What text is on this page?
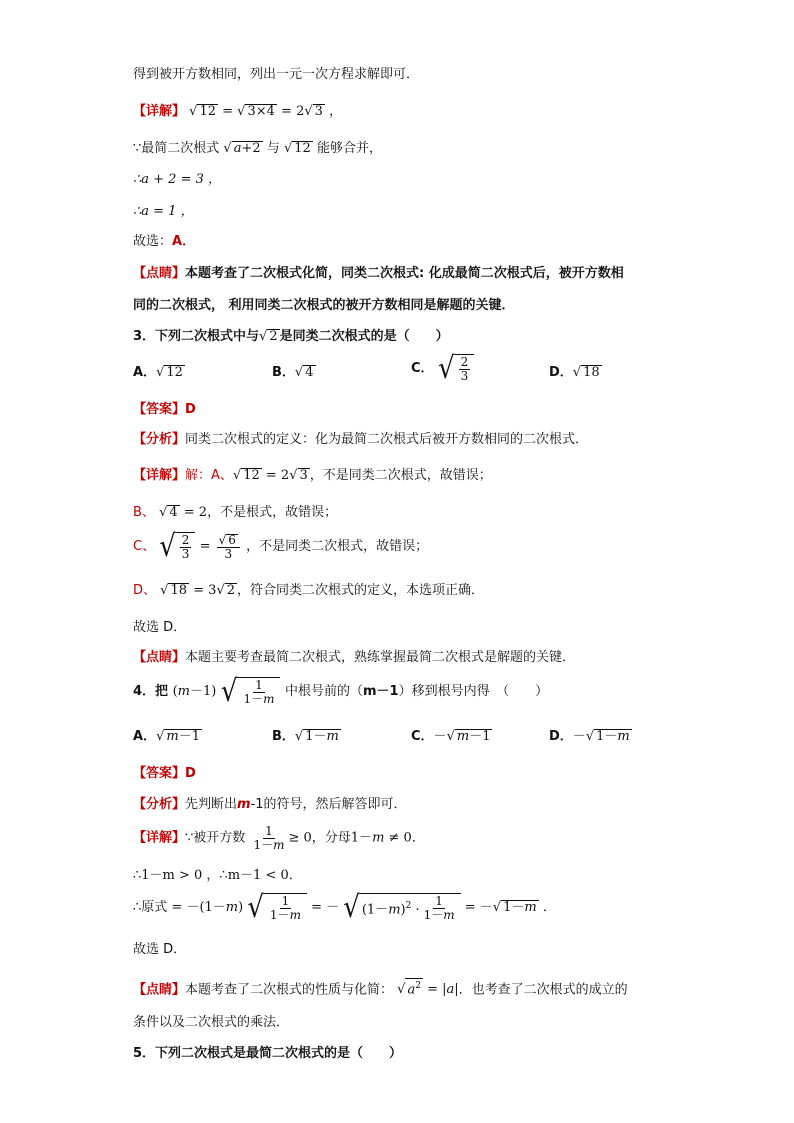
得到被开方数相同，列出一元一次方程求解即可．
【详解】 √ 12 = √ 3×4 = 2√ 3 ，
∵最简二次根式 √ a+2 与 √ 12 能够合并，
∴a + 2 = 3 ，
∴a = 1 ，
故选：A．
【点睛】本题考查了二次根式化简，同类二次根式: 化成最简二次根式后，被开方数相
同的二次根式， 利用同类二次根式的被开方数相同是解题的关键．
3．下列二次根式中与√ 2 是同类二次根式的是（　　）
A．√ 12	B．√ 4	C． √ $\frac{2}{3}$	D．√ 18
【答案】D
【分析】同类二次根式的定义：化为最简二次根式后被开方数相同的二次根式．
【详解】解：A、√ 12 = 2√ 3 ，不是同类二次根式，故错误；
B、 √ 4 = 2，不是根式，故错误；
C、 √ $\frac{2}{3} = \frac{√ 6}{3}$ ，不是同类二次根式，故错误；
D、 √ 18 = 3√ 2 ，符合同类二次根式的定义，本选项正确．
故选 D．
【点睛】本题主要考查最简二次根式，熟练掌握最简二次根式是解题的关键．
4．把 (m－1) √ $\frac{1}{1-m}$ 中根号前的（m－1）移到根号内得　（　　）
A．√ m－1	B．√ 1－m	C．－√ m－1	D．－√ 1－m
【答案】D
【分析】先判断出m-1的符号，然后解答即可．
【详解】∵被开方数 $\frac{1}{1-m} \ge 0$，分母1－m ≠ 0．
∴1－m > 0 ，∴m－1 < 0．
∴原式 = －(1－m) √ $\frac{1}{1-m}$ = － √ $(1-m)^2 \cdot \frac{1}{1-m}$ = －√ 1－m ．
故选 D．
【点睛】本题考查了二次根式的性质与化简： √ $a^2 = |a|$．也考查了二次根式的成立的
条件以及二次根式的乘法．
5．下列二次根式是最简二次根式的是（　　）
